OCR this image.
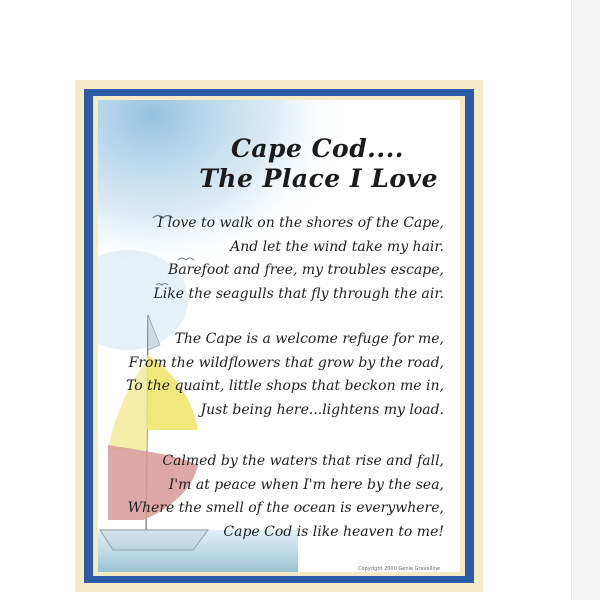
Cape Cod....
The Place I Love
I love to walk on the shores of the Cape,
And let the wind take my hair.
Barefoot and free, my troubles escape,
Like the seagulls that fly through the air.
The Cape is a welcome refuge for me,
From the wildflowers that grow by the road,
To the quaint, little shops that beckon me in,
Just being here...lightens my load.
Calmed by the waters that rise and fall,
I'm at peace when I'm here by the sea,
Where the smell of the ocean is everywhere,
Cape Cod is like heaven to me!
Copyright 2000 Genie Gravelline
